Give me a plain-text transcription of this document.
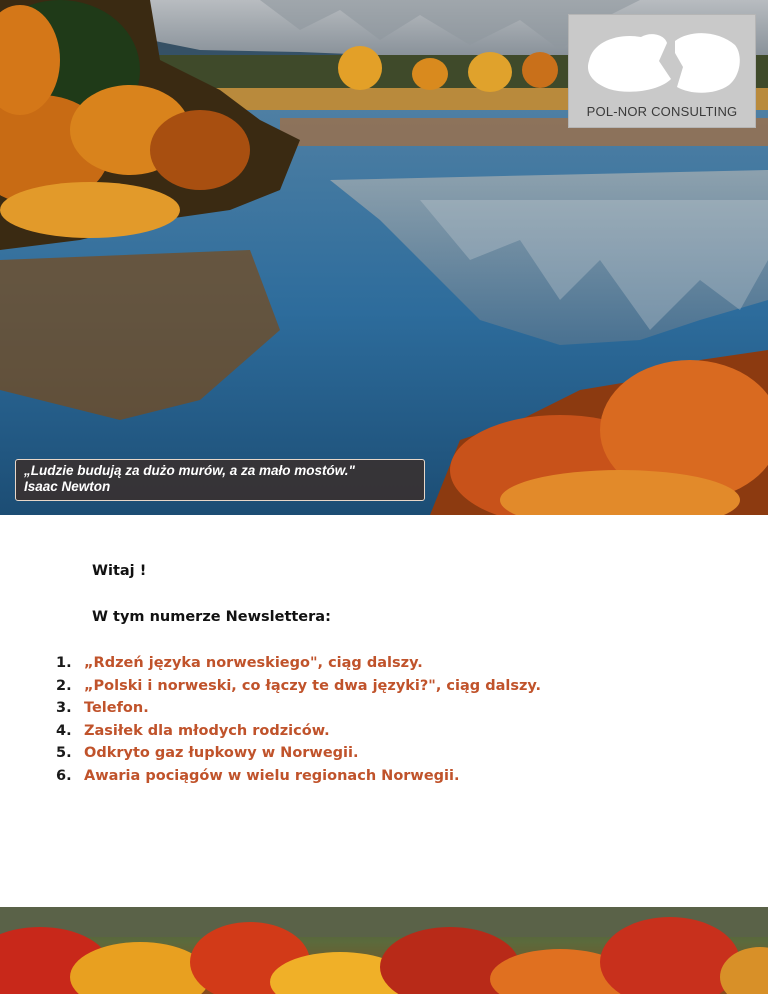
POL-NOR CONSULTING
„Ludzie budują za dużo murów, a za mało mostów."
Isaac Newton
Witaj !
W tym numerze Newslettera:
1. „Rdzeń języka norweskiego", ciąg dalszy.
2. „Polski i norweski, co łączy te dwa języki?", ciąg dalszy.
3. Telefon.
4. Zasiłek dla młodych rodziców.
5. Odkryto gaz łupkowy w Norwegii.
6. Awaria pociągów w wielu regionach Norwegii.
